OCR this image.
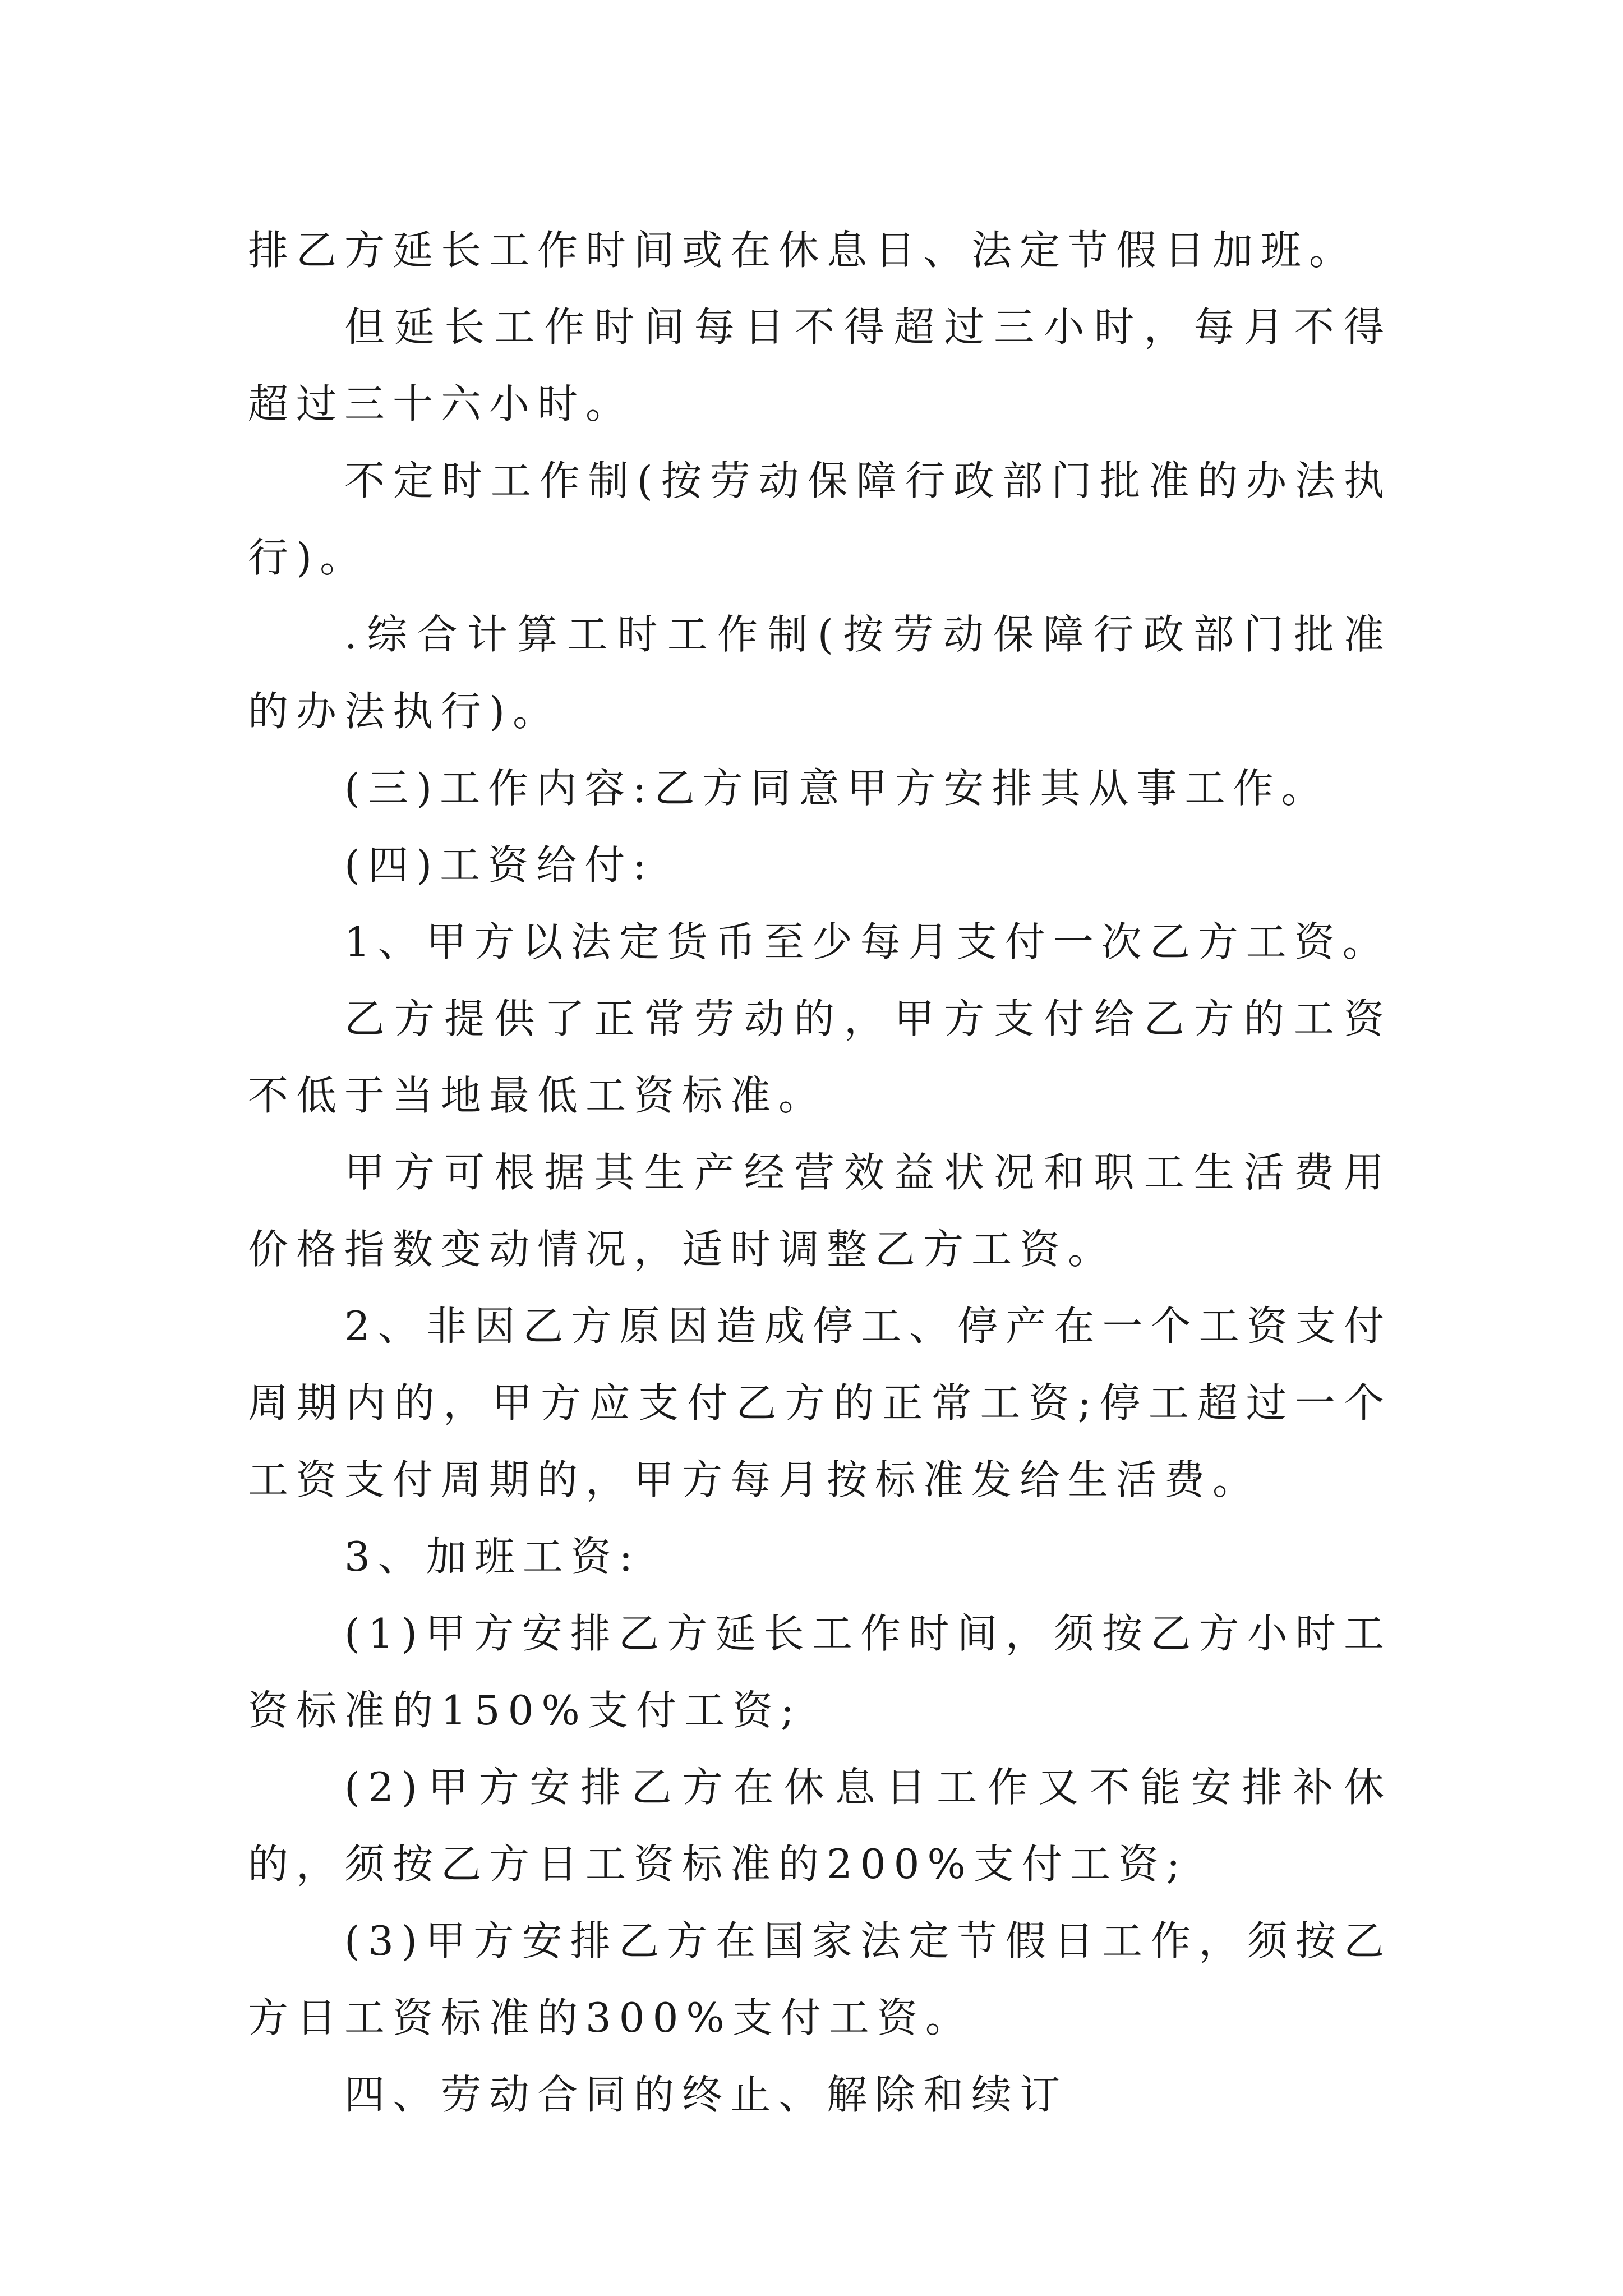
排乙方延长工作时间或在休息日、法定节假日加班。

但延长工作时间每日不得超过三小时，每月不得超过三十六小时。

不定时工作制(按劳动保障行政部门批准的办法执行)。

.综合计算工时工作制(按劳动保障行政部门批准的办法执行)。

(三)工作内容:乙方同意甲方安排其从事工作。

(四)工资给付:

1、甲方以法定货币至少每月支付一次乙方工资。

乙方提供了正常劳动的，甲方支付给乙方的工资不低于当地最低工资标准。

甲方可根据其生产经营效益状况和职工生活费用价格指数变动情况，适时调整乙方工资。

2、非因乙方原因造成停工、停产在一个工资支付周期内的，甲方应支付乙方的正常工资;停工超过一个工资支付周期的，甲方每月按标准发给生活费。

3、加班工资:

(1)甲方安排乙方延长工作时间，须按乙方小时工资标准的150%支付工资;

(2)甲方安排乙方在休息日工作又不能安排补休的，须按乙方日工资标准的200%支付工资;

(3)甲方安排乙方在国家法定节假日工作，须按乙方日工资标准的300%支付工资。

四、劳动合同的终止、解除和续订
